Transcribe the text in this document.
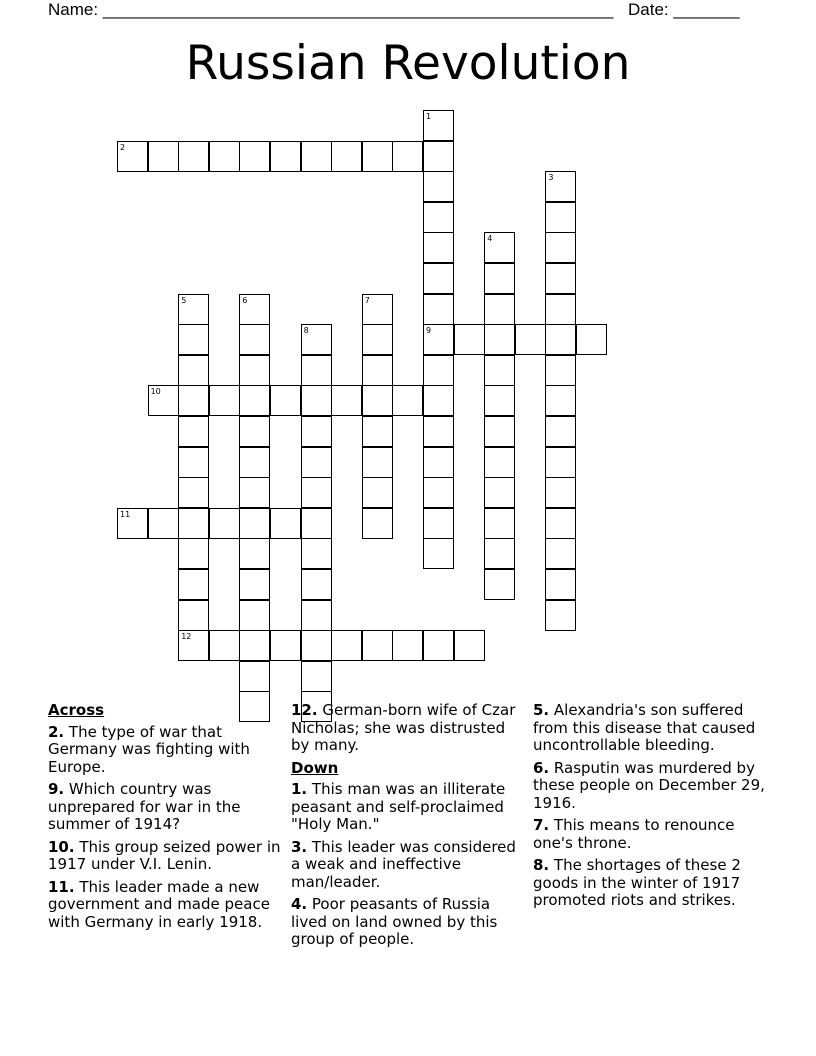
Name: ______________________________________________________ Date: _______
Russian Revolution
1
9
2
3
4
5	6	7
8
10
11
12
Across
2. The type of war that Germany was fighting with Europe.
9. Which country was unprepared for war in the summer of 1914?
10. This group seized power in 1917 under V.I. Lenin.
11. This leader made a new government and made peace with Germany in early 1918.
12. German-born wife of Czar Nicholas; she was distrusted by many.
Down
1. This man was an illiterate peasant and self-proclaimed "Holy Man."
3. This leader was considered a weak and ineffective man/leader.
4. Poor peasants of Russia lived on land owned by this group of people.
5. Alexandria's son suffered from this disease that caused uncontrollable bleeding.
6. Rasputin was murdered by these people on December 29, 1916.
7. This means to renounce one's throne.
8. The shortages of these 2 goods in the winter of 1917 promoted riots and strikes.
